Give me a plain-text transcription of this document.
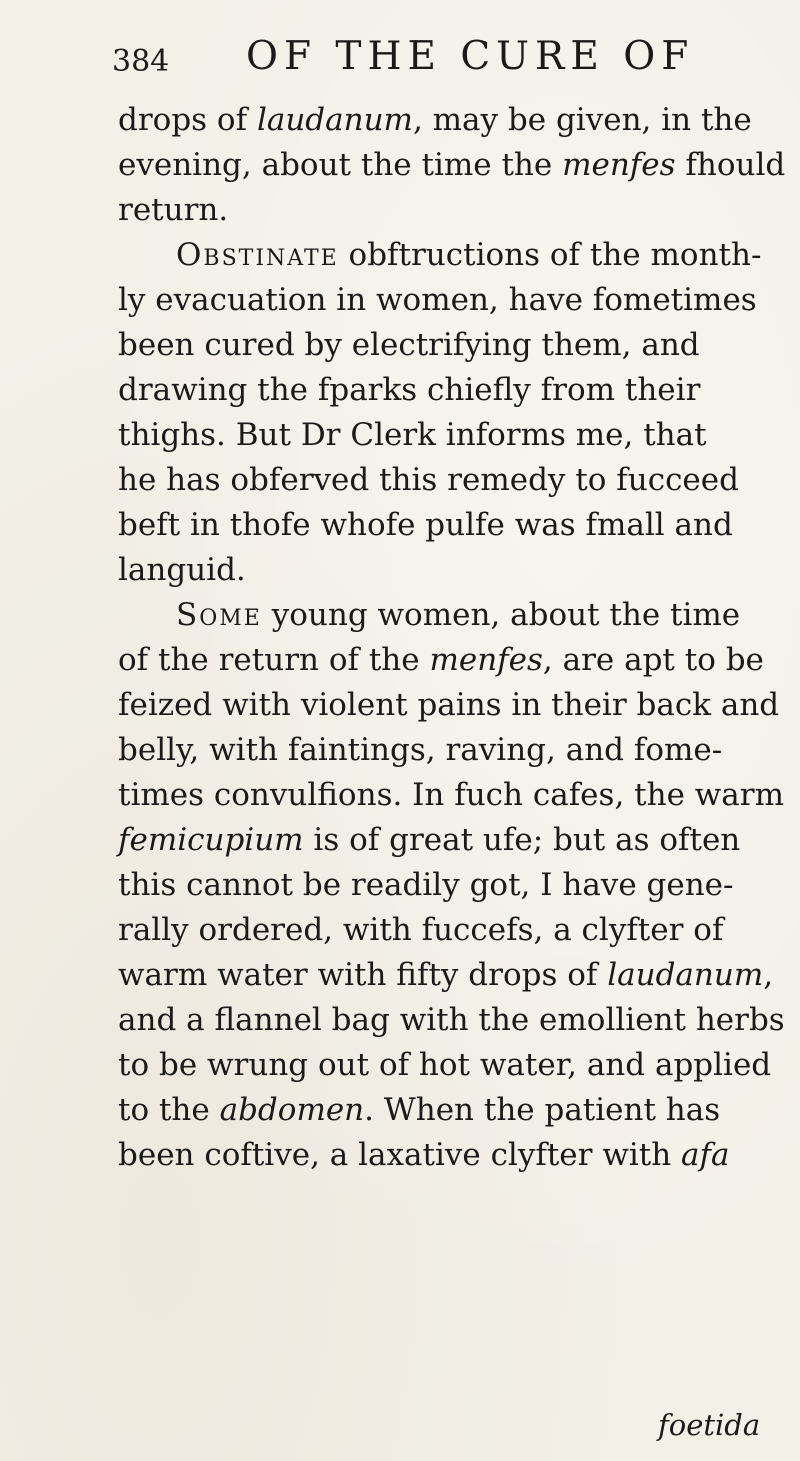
384 OF THE CURE OF
drops of laudanum, may be given, in the
evening, about the time the menfes fhould
return.
Obstinate obftructions of the month-
ly evacuation in women, have fometimes
been cured by electrifying them, and
drawing the fparks chiefly from their
thighs. But Dr Clerk informs me, that
he has obferved this remedy to fucceed
beft in thofe whofe pulfe was fmall and
languid.
Some young women, about the time
of the return of the menfes, are apt to be
feized with violent pains in their back and
belly, with faintings, raving, and fome-
times convulfions. In fuch cafes, the warm
femicupium is of great ufe; but as often
this cannot be readily got, I have gene-
rally ordered, with fuccefs, a clyfter of
warm water with fifty drops of laudanum,
and a flannel bag with the emollient herbs
to be wrung out of hot water, and applied
to the abdomen. When the patient has
been coftive, a laxative clyfter with afa
foetida
